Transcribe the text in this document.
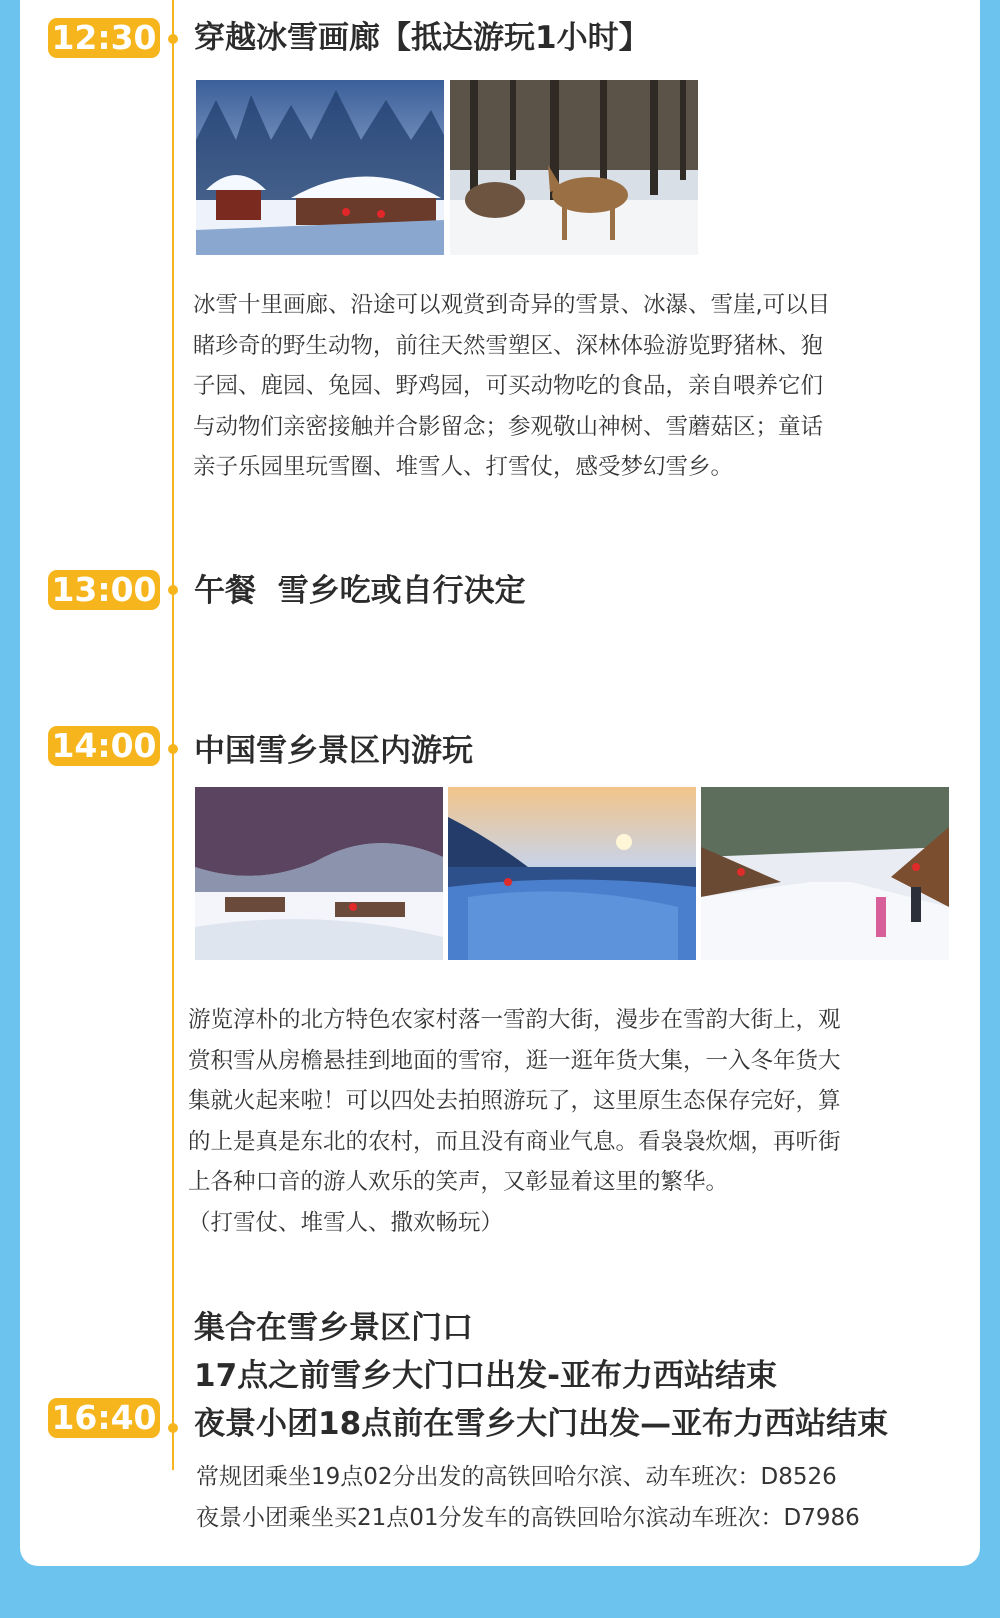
12:30 穿越冰雪画廊【抵达游玩1小时】
冰雪十里画廊、沿途可以观赏到奇异的雪景、冰瀑、雪崖,可以目
睹珍奇的野生动物，前往天然雪塑区、深林体验游览野猪林、狍
子园、鹿园、兔园、野鸡园，可买动物吃的食品，亲自喂养它们
与动物们亲密接触并合影留念；参观敬山神树、雪蘑菇区；童话
亲子乐园里玩雪圈、堆雪人、打雪仗，感受梦幻雪乡。
13:00 午餐  雪乡吃或自行决定
14:00 中国雪乡景区内游玩
游览淳朴的北方特色农家村落一雪韵大街，漫步在雪韵大街上，观
赏积雪从房檐悬挂到地面的雪帘，逛一逛年货大集，一入冬年货大
集就火起来啦！可以四处去拍照游玩了，这里原生态保存完好，算
的上是真是东北的农村，而且没有商业气息。看袅袅炊烟，再听街
上各种口音的游人欢乐的笑声，又彰显着这里的繁华。
（打雪仗、堆雪人、撒欢畅玩）
集合在雪乡景区门口
17点之前雪乡大门口出发-亚布力西站结束
16:40 夜景小团18点前在雪乡大门出发—亚布力西站结束
常规团乘坐19点02分出发的高铁回哈尔滨、动车班次：D8526
夜景小团乘坐买21点01分发车的高铁回哈尔滨动车班次：D7986
